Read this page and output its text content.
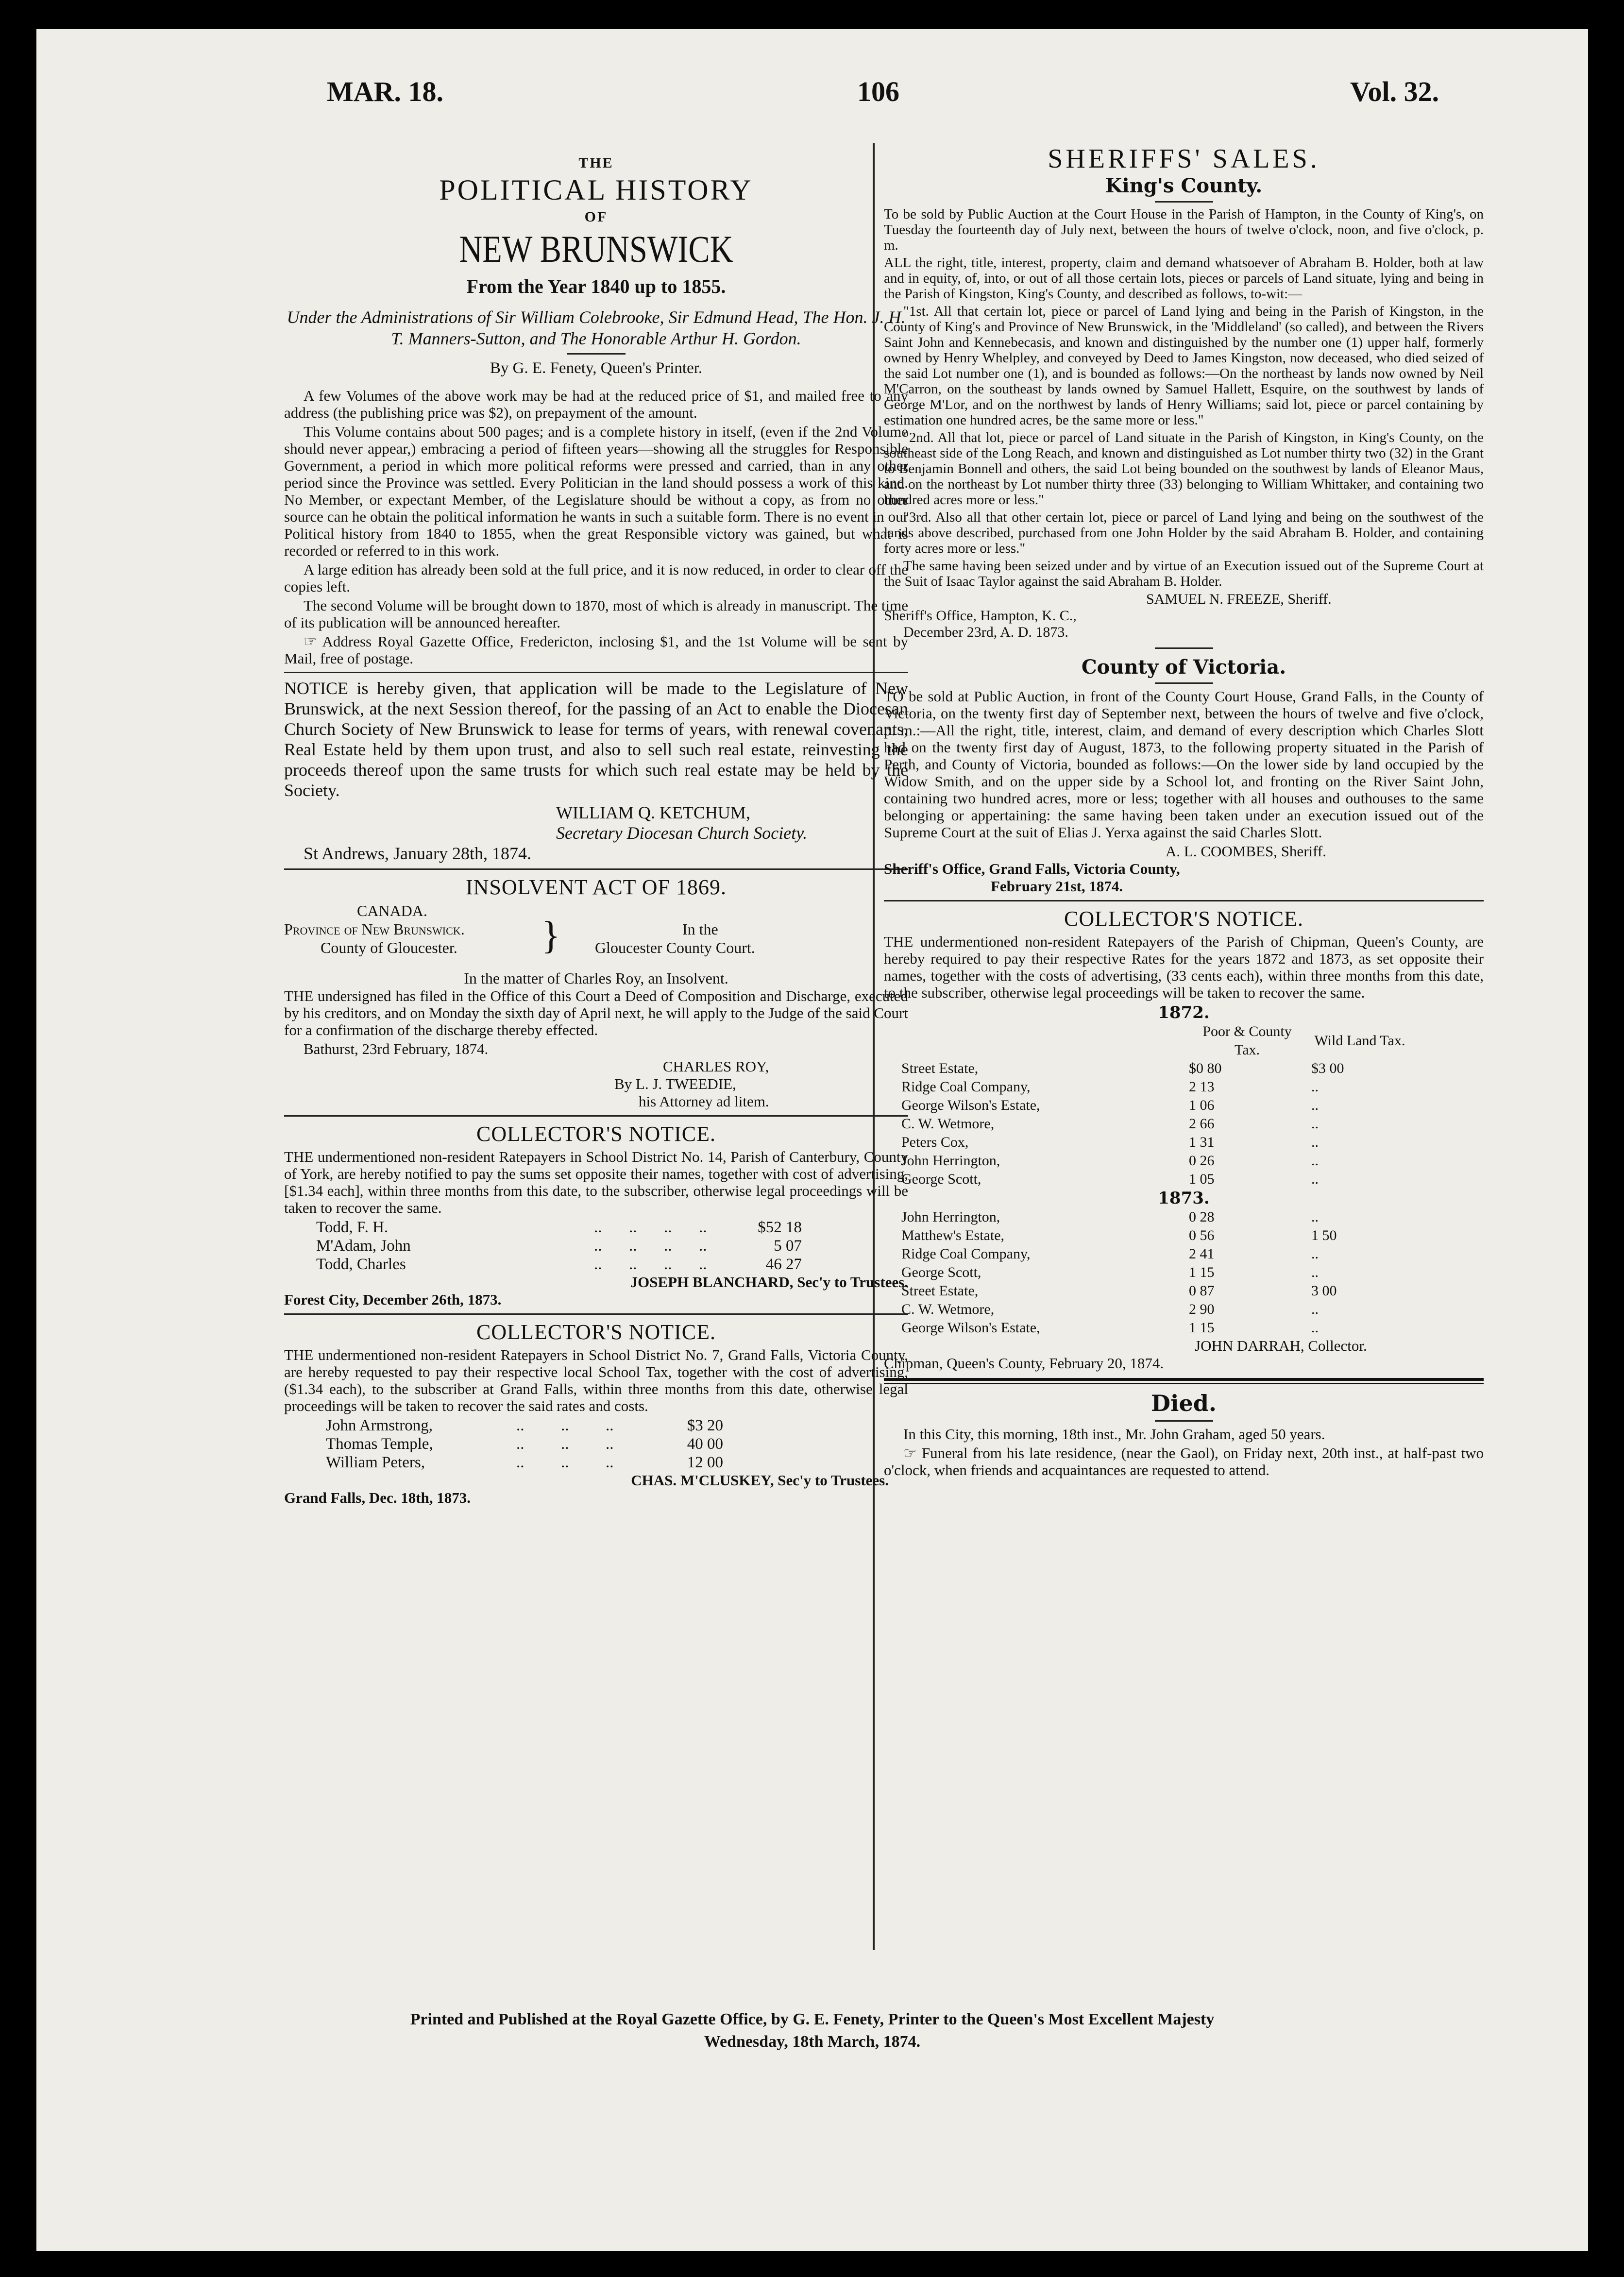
MAR. 18.	106	Vol. 32.
THE
POLITICAL HISTORY
OF
NEW BRUNSWICK
From the Year 1840 up to 1855.
Under the Administrations of Sir William Colebrooke, Sir Edmund Head, The Hon. J. H. T. Manners-Sutton, and The Honorable Arthur H. Gordon.
By G. E. Fenety, Queen's Printer.

A few Volumes of the above work may be had at the reduced price of $1, and mailed free to any address (the publishing price was $2), on prepayment of the amount.

This Volume contains about 500 pages; and is a complete history in itself, (even if the 2nd Volume should never appear,) embracing a period of fifteen years—showing all the struggles for Responsible Government, a period in which more political reforms were pressed and carried, than in any other period since the Province was settled. Every Politician in the land should possess a work of this kind. No Member, or expectant Member, of the Legislature should be without a copy, as from no other source can he obtain the political information he wants in such a suitable form. There is no event in our Political history from 1840 to 1855, when the great Responsible victory was gained, but what is recorded or referred to in this work.

A large edition has already been sold at the full price, and it is now reduced, in order to clear off the copies left.

The second Volume will be brought down to 1870, most of which is already in manuscript. The time of its publication will be announced hereafter.

☞ Address Royal Gazette Office, Fredericton, inclosing $1, and the 1st Volume will be sent by Mail, free of postage.

NOTICE is hereby given, that application will be made to the Legislature of New Brunswick, at the next Session thereof, for the passing of an Act to enable the Diocesan Church Society of New Brunswick to lease for terms of years, with renewal covenants, Real Estate held by them upon trust, and also to sell such real estate, reinvesting the proceeds thereof upon the same trusts for which such real estate may be held by the Society.

WILLIAM Q. KETCHUM,
Secretary Diocesan Church Society.
St Andrews, January 28th, 1874.
INSOLVENT ACT OF 1869.
CANADA.
Province of New Brunswick.
County of Gloucester. }	In the
Gloucester County Court.
In the matter of Charles Roy, an Insolvent.

THE undersigned has filed in the Office of this Court a Deed of Composition and Discharge, executed by his creditors, and on Monday the sixth day of April next, he will apply to the Judge of the said Court for a confirmation of the discharge thereby effected.

Bathurst, 23rd February, 1874.
CHARLES ROY,
By L. J. TWEEDIE,
his Attorney ad litem.
COLLECTOR'S NOTICE.

THE undermentioned non-resident Ratepayers in School District No. 14, Parish of Canterbury, County of York, are hereby notified to pay the sums set opposite their names, together with cost of advertising, [$1.34 each], within three months from this date, to the subscriber, otherwise legal proceedings will be taken to recover the same.

Todd, F. H.	..	..	..	..	$52 18
M'Adam, John	..	..	..	..	5 07
Todd, Charles	..	..	..	..	46 27
JOSEPH BLANCHARD, Sec'y to Trustees.
Forest City, December 26th, 1873.
COLLECTOR'S NOTICE.

THE undermentioned non-resident Ratepayers in School District No. 7, Grand Falls, Victoria County, are hereby requested to pay their respective local School Tax, together with the cost of advertising, ($1.34 each), to the subscriber at Grand Falls, within three months from this date, otherwise legal proceedings will be taken to recover the said rates and costs.

John Armstrong,	..	..	..	$3 20
Thomas Temple,	..	..	..	40 00
William Peters,	..	..	..	12 00
CHAS. M'CLUSKEY, Sec'y to Trustees.
Grand Falls, Dec. 18th, 1873.
SHERIFFS' SALES.
King's County.

To be sold by Public Auction at the Court House in the Parish of Hampton, in the County of King's, on Tuesday the fourteenth day of July next, between the hours of twelve o'clock, noon, and five o'clock, p. m.

ALL the right, title, interest, property, claim and demand whatsoever of Abraham B. Holder, both at law and in equity, of, into, or out of all those certain lots, pieces or parcels of Land situate, lying and being in the Parish of Kingston, King's County, and described as follows, to-wit:—

"1st. All that certain lot, piece or parcel of Land lying and being in the Parish of Kingston, in the County of King's and Province of New Brunswick, in the 'Middleland' (so called), and between the Rivers Saint John and Kennebecasis, and known and distinguished by the number one (1) upper half, formerly owned by Henry Whelpley, and conveyed by Deed to James Kingston, now deceased, who died seized of the said Lot number one (1), and is bounded as follows:—On the northeast by lands now owned by Neil M'Carron, on the southeast by lands owned by Samuel Hallett, Esquire, on the southwest by lands of George M'Lor, and on the northwest by lands of Henry Williams; said lot, piece or parcel containing by estimation one hundred acres, be the same more or less."

"2nd. All that lot, piece or parcel of Land situate in the Parish of Kingston, in King's County, on the southeast side of the Long Reach, and known and distinguished as Lot number thirty two (32) in the Grant to Benjamin Bonnell and others, the said Lot being bounded on the southwest by lands of Eleanor Maus, and on the northeast by Lot number thirty three (33) belonging to William Whittaker, and containing two hundred acres more or less."

"3rd. Also all that other certain lot, piece or parcel of Land lying and being on the southwest of the lands above described, purchased from one John Holder by the said Abraham B. Holder, and containing forty acres more or less."

The same having been seized under and by virtue of an Execution issued out of the Supreme Court at the Suit of Isaac Taylor against the said Abraham B. Holder.

SAMUEL N. FREEZE, Sheriff.
Sheriff's Office, Hampton, K. C.,
December 23rd, A. D. 1873.
County of Victoria.

TO be sold at Public Auction, in front of the County Court House, Grand Falls, in the County of Victoria, on the twenty first day of September next, between the hours of twelve and five o'clock, p. m.:—All the right, title, interest, claim, and demand of every description which Charles Slott had on the twenty first day of August, 1873, to the following property situated in the Parish of Perth, and County of Victoria, bounded as follows:—On the lower side by land occupied by the Widow Smith, and on the upper side by a School lot, and fronting on the River Saint John, containing two hundred acres, more or less; together with all houses and outhouses to the same belonging or appertaining: the same having been taken under an execution issued out of the Supreme Court at the suit of Elias J. Yerxa against the said Charles Slott.

A. L. COOMBES, Sheriff.
Sheriff's Office, Grand Falls, Victoria County,
February 21st, 1874.
COLLECTOR'S NOTICE.

THE undermentioned non-resident Ratepayers of the Parish of Chipman, Queen's County, are hereby required to pay their respective Rates for the years 1872 and 1873, as set opposite their names, together with the costs of advertising, (33 cents each), within three months from this date, to the subscriber, otherwise legal proceedings will be taken to recover the same.

1872.
	Poor & County Tax.	Wild Land Tax.
Street Estate,	$0 80	$3 00
Ridge Coal Company,	2 13	..
George Wilson's Estate,	1 06	..
C. W. Wetmore,	2 66	..
Peters Cox,	1 31	..
John Herrington,	0 26	..
George Scott,	1 05	..
1873.
John Herrington,	0 28	..
Matthew's Estate,	0 56	1 50
Ridge Coal Company,	2 41	..
George Scott,	1 15	..
Street Estate,	0 87	3 00
C. W. Wetmore,	2 90	..
George Wilson's Estate,	1 15	..
JOHN DARRAH, Collector.
Chipman, Queen's County, February 20, 1874.
Died.

In this City, this morning, 18th inst., Mr. John Graham, aged 50 years.

☞ Funeral from his late residence, (near the Gaol), on Friday next, 20th inst., at half-past two o'clock, when friends and acquaintances are requested to attend.

Printed and Published at the Royal Gazette Office, by G. E. Fenety, Printer to the Queen's Most Excellent Majesty
Wednesday, 18th March, 1874.
